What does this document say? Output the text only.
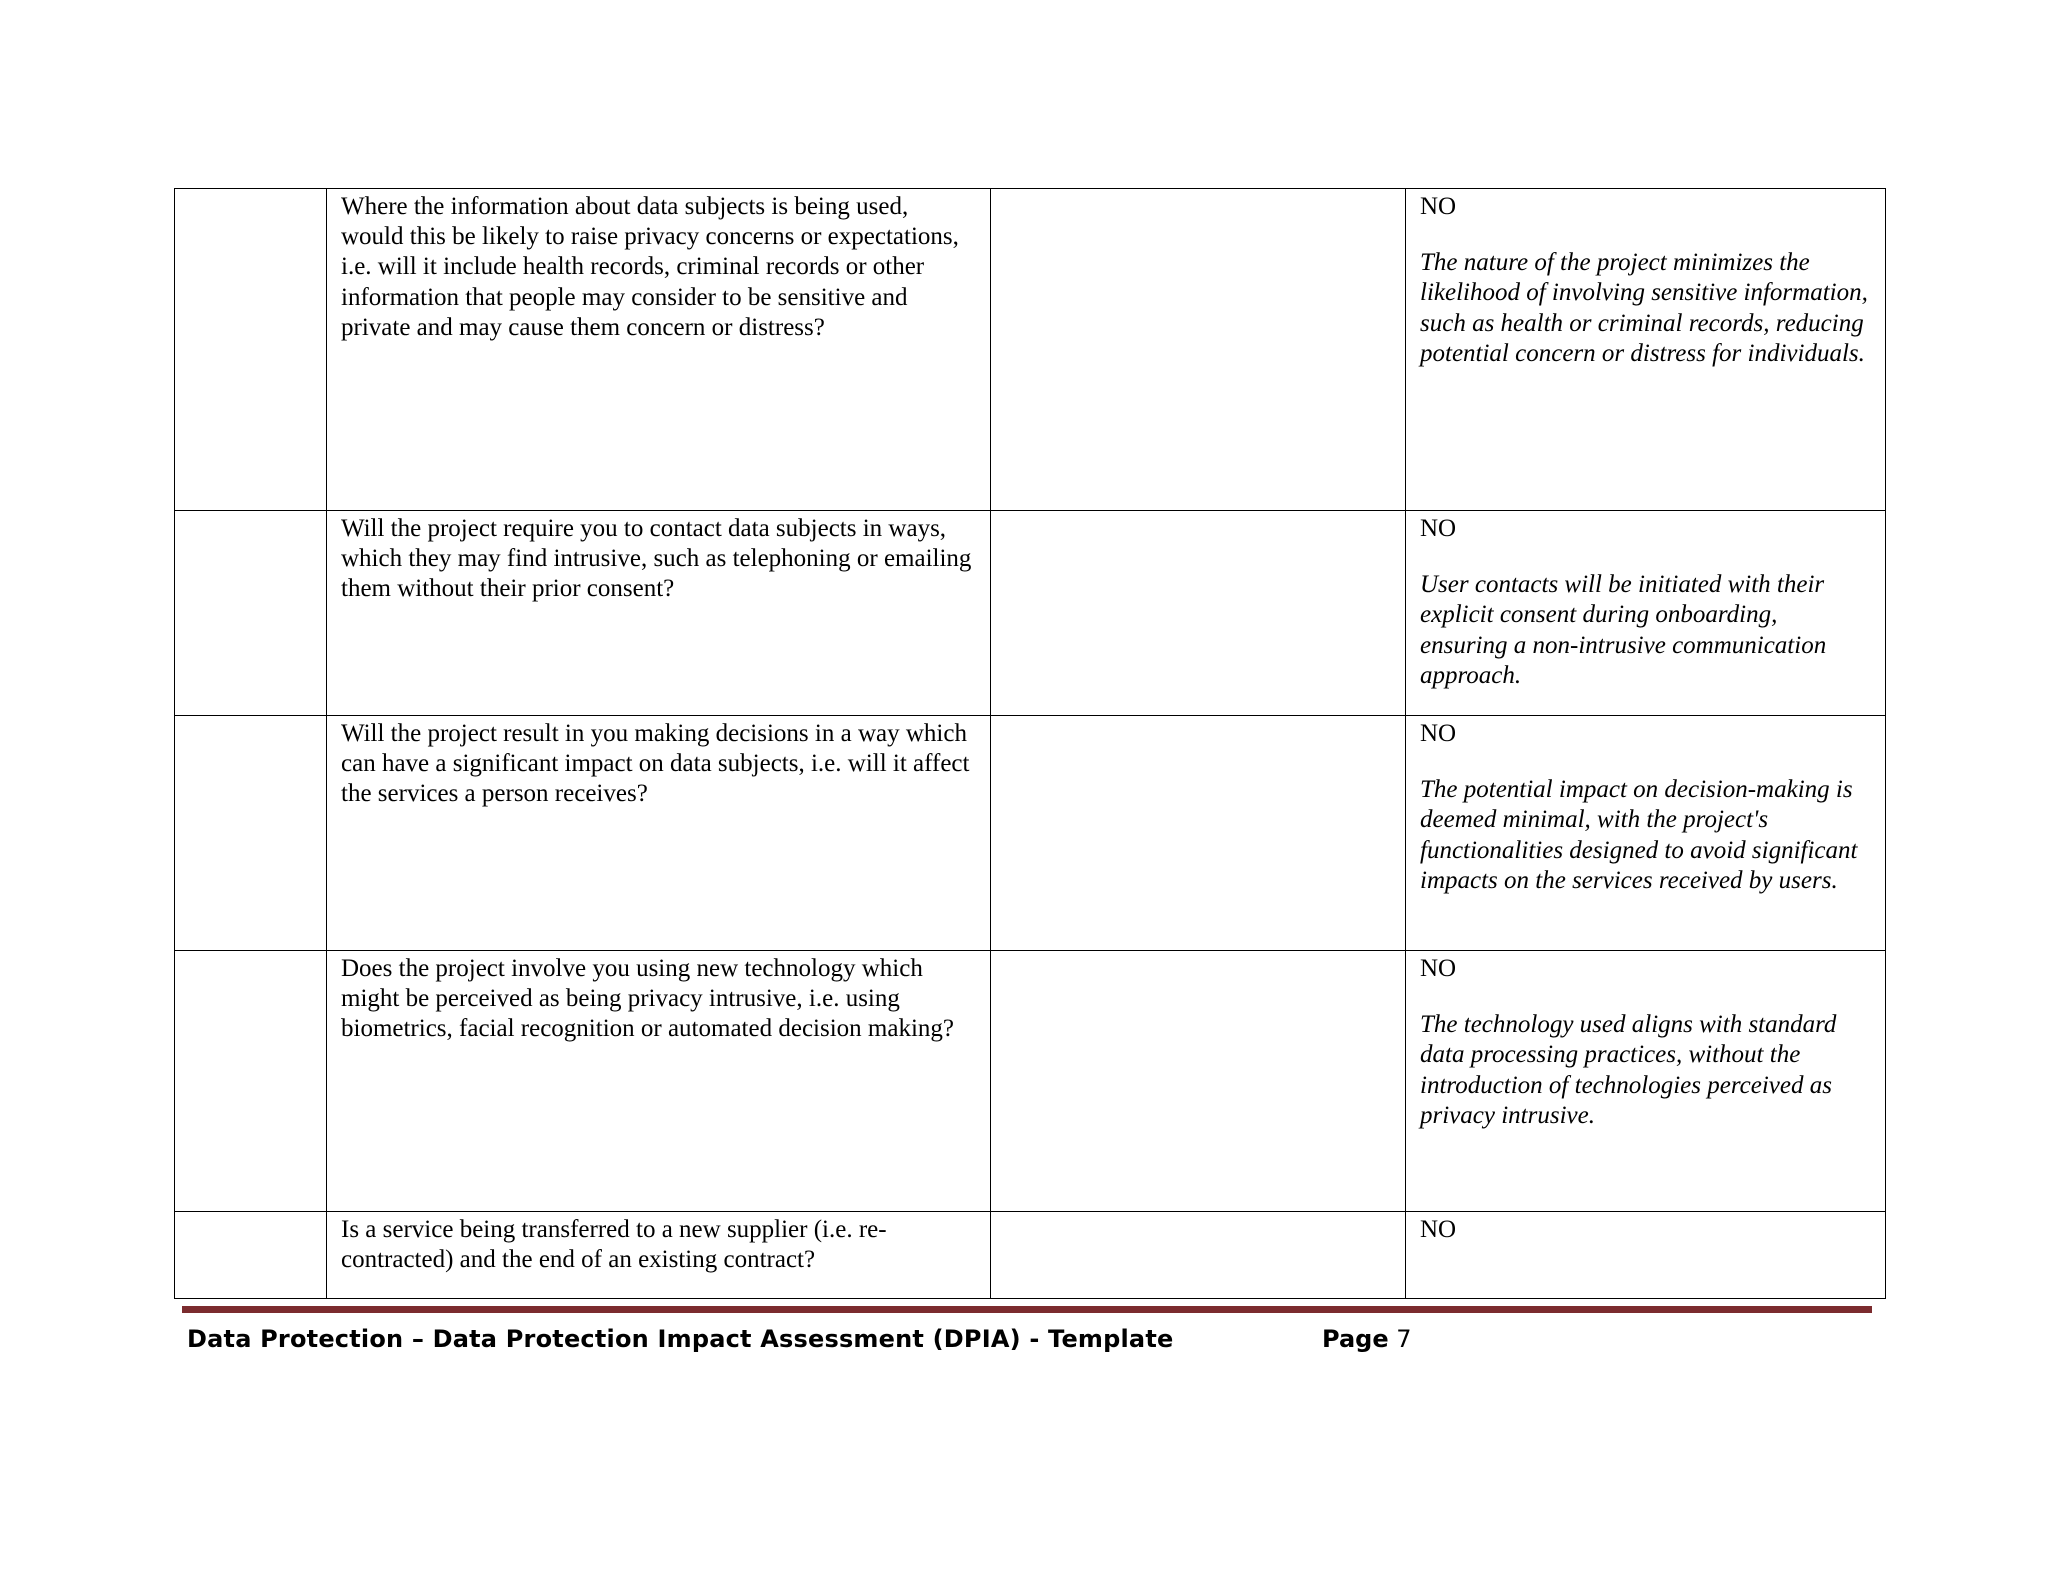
	Where the information about data subjects is being used, would this be likely to raise privacy concerns or expectations, i.e. will it include health records, criminal records or other information that people may consider to be sensitive and private and may cause them concern or distress?		NO
The nature of the project minimizes the likelihood of involving sensitive information, such as health or criminal records, reducing potential concern or distress for individuals.

	Will the project require you to contact data subjects in ways, which they may find intrusive, such as telephoning or emailing them without their prior consent?		NO
User contacts will be initiated with their explicit consent during onboarding, ensuring a non-intrusive communication approach.

	Will the project result in you making decisions in a way which can have a significant impact on data subjects, i.e. will it affect the services a person receives?		NO
The potential impact on decision-making is deemed minimal, with the project's functionalities designed to avoid significant impacts on the services received by users.

	Does the project involve you using new technology which might be perceived as being privacy intrusive, i.e. using biometrics, facial recognition or automated decision making?		NO
The technology used aligns with standard data processing practices, without the introduction of technologies perceived as privacy intrusive.

	Is a service being transferred to a new supplier (i.e. re-contracted) and the end of an existing contract?		NO
Data Protection – Data Protection Impact Assessment (DPIA) - Template	Page 7
